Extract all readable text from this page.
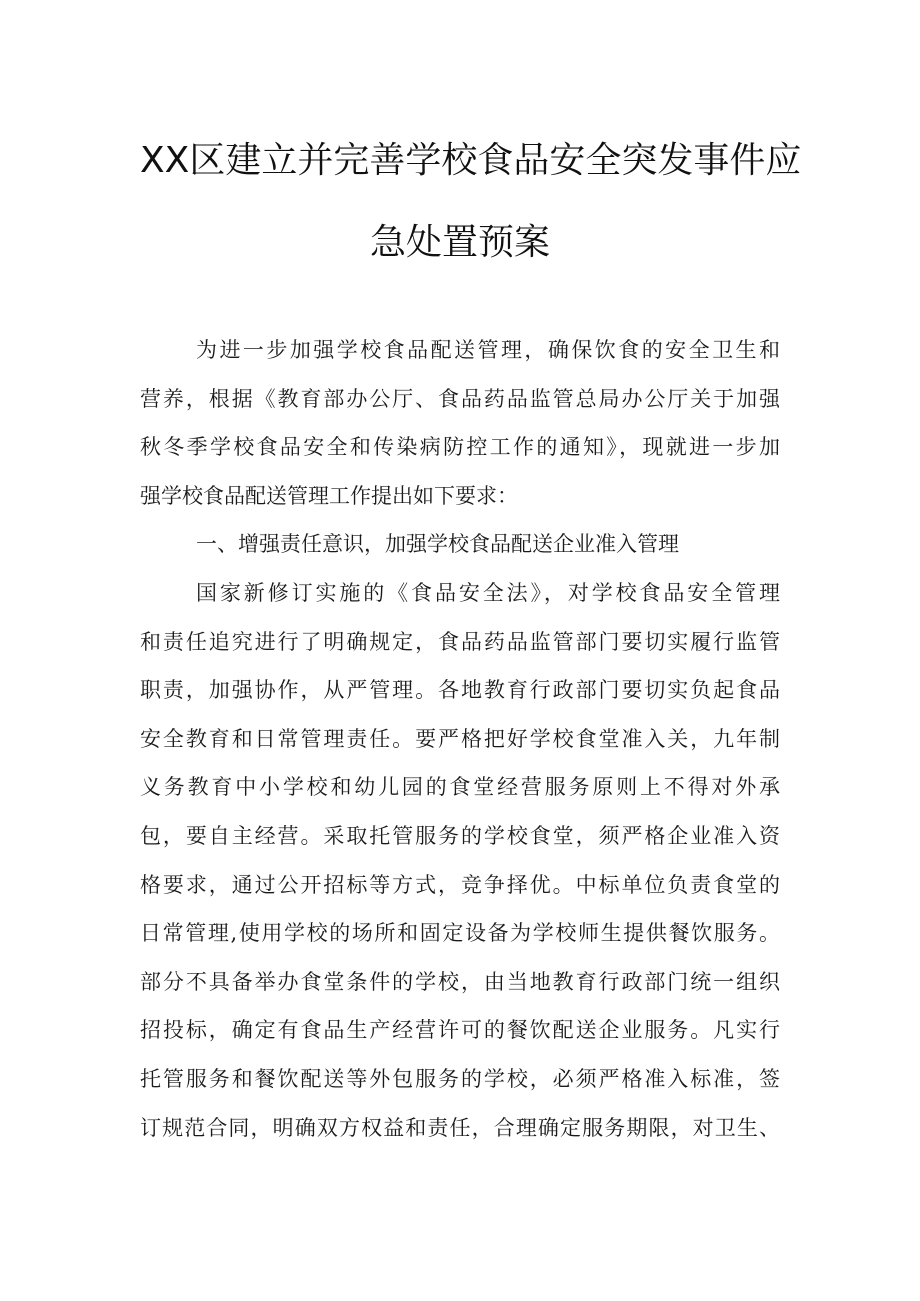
XX区建立并完善学校食品安全突发事件应
急处置预案
为进一步加强学校食品配送管理，确保饮食的安全卫生和
营养，根据《教育部办公厅、食品药品监管总局办公厅关于加强
秋冬季学校食品安全和传染病防控工作的通知》，现就进一步加
强学校食品配送管理工作提出如下要求：
一、增强责任意识，加强学校食品配送企业准入管理
国家新修订实施的《食品安全法》，对学校食品安全管理
和责任追究进行了明确规定，食品药品监管部门要切实履行监管
职责，加强协作，从严管理。各地教育行政部门要切实负起食品
安全教育和日常管理责任。要严格把好学校食堂准入关，九年制
义务教育中小学校和幼儿园的食堂经营服务原则上不得对外承
包，要自主经营。采取托管服务的学校食堂，须严格企业准入资
格要求，通过公开招标等方式，竞争择优。中标单位负责食堂的
日常管理,使用学校的场所和固定设备为学校师生提供餐饮服务。
部分不具备举办食堂条件的学校，由当地教育行政部门统一组织
招投标，确定有食品生产经营许可的餐饮配送企业服务。凡实行
托管服务和餐饮配送等外包服务的学校，必须严格准入标准，签
订规范合同，明确双方权益和责任，合理确定服务期限，对卫生、
